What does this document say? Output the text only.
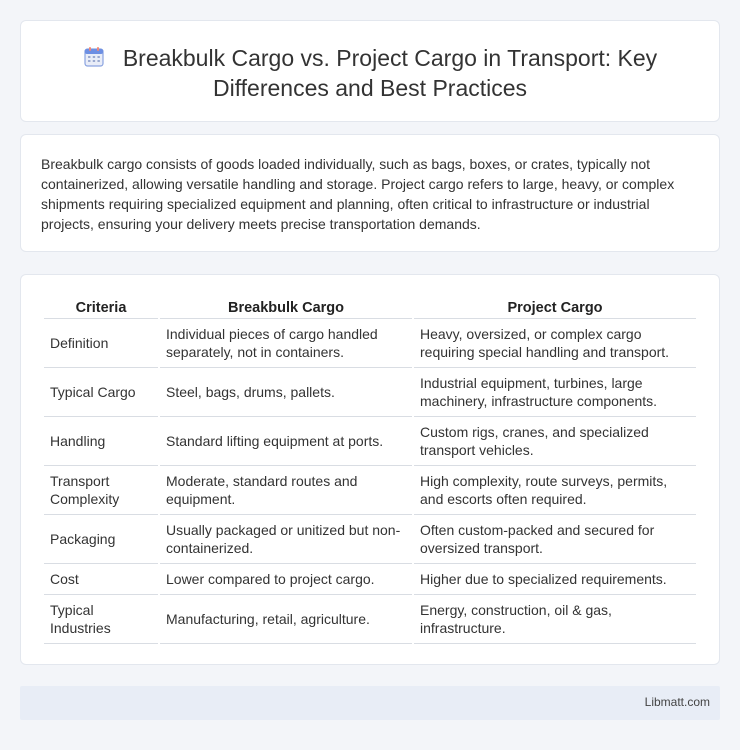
Breakbulk Cargo vs. Project Cargo in Transport: Key Differences and Best Practices

Breakbulk cargo consists of goods loaded individually, such as bags, boxes, or crates, typically not containerized, allowing versatile handling and storage. Project cargo refers to large, heavy, or complex shipments requiring specialized equipment and planning, often critical to infrastructure or industrial projects, ensuring your delivery meets precise transportation demands.

Criteria	Breakbulk Cargo	Project Cargo
Definition	Individual pieces of cargo handled separately, not in containers.	Heavy, oversized, or complex cargo requiring special handling and transport.
Typical Cargo	Steel, bags, drums, pallets.	Industrial equipment, turbines, large machinery, infrastructure components.
Handling	Standard lifting equipment at ports.	Custom rigs, cranes, and specialized transport vehicles.
Transport Complexity	Moderate, standard routes and equipment.	High complexity, route surveys, permits, and escorts often required.
Packaging	Usually packaged or unitized but non-containerized.	Often custom-packed and secured for oversized transport.
Cost	Lower compared to project cargo.	Higher due to specialized requirements.
Typical Industries	Manufacturing, retail, agriculture.	Energy, construction, oil & gas, infrastructure.
Libmatt.com
